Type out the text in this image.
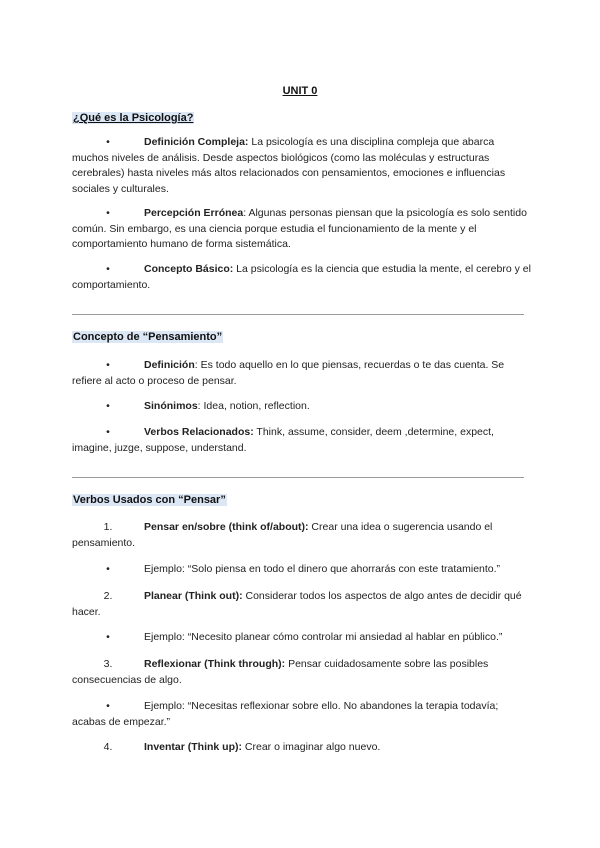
UNIT 0
¿Qué es la Psicología?
•	Definición Compleja: La psicología es una disciplina compleja que abarca muchos niveles de análisis. Desde aspectos biológicos (como las moléculas y estructuras cerebrales) hasta niveles más altos relacionados con pensamientos, emociones e influencias sociales y culturales.
•	Percepción Errónea: Algunas personas piensan que la psicología es solo sentido común. Sin embargo, es una ciencia porque estudia el funcionamiento de la mente y el comportamiento humano de forma sistemática.
•	Concepto Básico: La psicología es la ciencia que estudia la mente, el cerebro y el comportamiento.
Concepto de “Pensamiento”
•	Definición: Es todo aquello en lo que piensas, recuerdas o te das cuenta. Se refiere al acto o proceso de pensar.
•	Sinónimos: Idea, notion, reflection.
•	Verbos Relacionados: Think, assume, consider, deem ,determine, expect, imagine, juzge, suppose, understand.
Verbos Usados con “Pensar”
1.	Pensar en/sobre (think of/about): Crear una idea o sugerencia usando el pensamiento.
•	Ejemplo: “Solo piensa en todo el dinero que ahorrarás con este tratamiento.”
2.	Planear (Think out): Considerar todos los aspectos de algo antes de decidir qué hacer.
•	Ejemplo: “Necesito planear cómo controlar mi ansiedad al hablar en público.”
3.	Reflexionar (Think through): Pensar cuidadosamente sobre las posibles consecuencias de algo.
•	Ejemplo: “Necesitas reflexionar sobre ello. No abandones la terapia todavía; acabas de empezar.”
4.	Inventar (Think up): Crear o imaginar algo nuevo.
